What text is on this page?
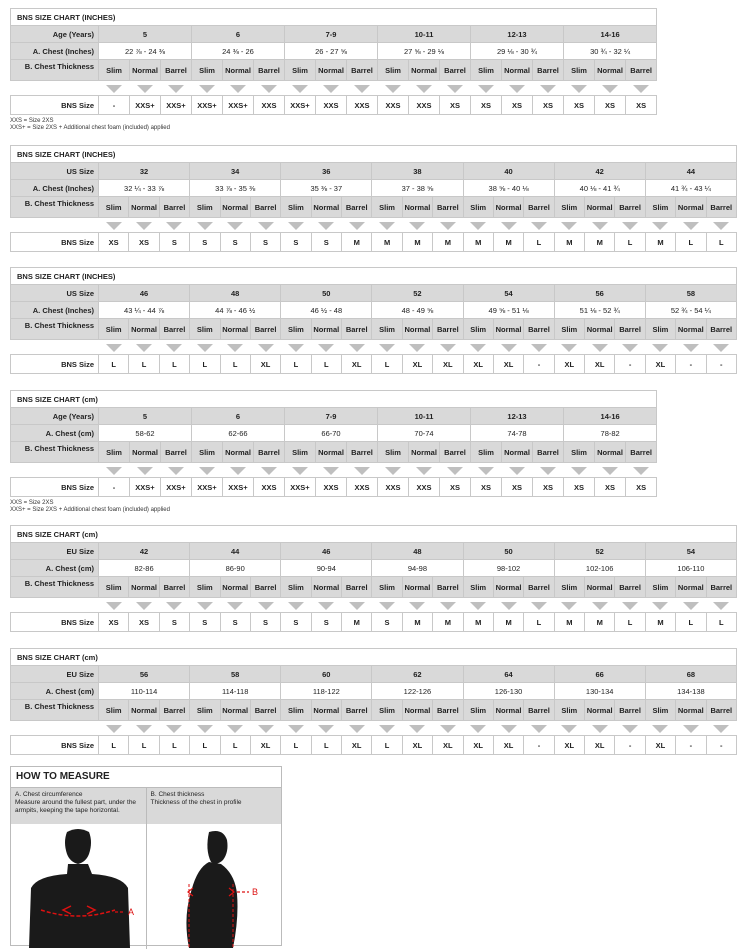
BNS SIZE CHART (INCHES)																		
Age (Years)	5			6			7-9			10-11			12-13			14-16		
A. Chest (Inches)	22 ⅞ - 24 ⅜			24 ⅜ - 26			26 - 27 ⅝			27 ⅝ - 29 ⅛			29 ⅛ - 30 ¾			30 ¾ - 32 ¼		
B. Chest Thickness	Slim	Normal	Barrel	Slim	Normal	Barrel	Slim	Normal	Barrel	Slim	Normal	Barrel	Slim	Normal	Barrel	Slim	Normal	Barrel

BNS Size	-	XXS+	XXS+	XXS+	XXS+	XXS	XXS+	XXS	XXS	XXS	XXS	XS	XS	XS	XS	XS	XS	XS
XXS = Size 2XS
XXS+ = Size 2XS + Additional chest foam (included) applied
BNS SIZE CHART (INCHES)																					
US Size	32			34			36			38			40			42			44		
A. Chest (Inches)	32 ¼ - 33 ⅞			33 ⅞ - 35 ⅜			35 ⅜ - 37			37 - 38 ⅝			38 ⅝ - 40 ⅛			40 ⅛ - 41 ¾			41 ¾ - 43 ¼		
B. Chest Thickness	Slim	Normal	Barrel	Slim	Normal	Barrel	Slim	Normal	Barrel	Slim	Normal	Barrel	Slim	Normal	Barrel	Slim	Normal	Barrel	Slim	Normal	Barrel

BNS Size	XS	XS	S	S	S	S	S	S	M	M	M	M	M	M	L	M	M	L	M	L	L
BNS SIZE CHART (INCHES)																					
US Size	46			48			50			52			54			56			58		
A. Chest (Inches)	43 ¼ - 44 ⅞			44 ⅞ - 46 ½			46 ½ - 48			48 - 49 ⅝			49 ⅝ - 51 ⅛			51 ⅛ - 52 ¾			52 ¾ - 54 ¼		
B. Chest Thickness	Slim	Normal	Barrel	Slim	Normal	Barrel	Slim	Normal	Barrel	Slim	Normal	Barrel	Slim	Normal	Barrel	Slim	Normal	Barrel	Slim	Normal	Barrel

BNS Size	L	L	L	L	L	XL	L	L	XL	L	XL	XL	XL	XL	-	XL	XL	-	XL	-	-
BNS SIZE CHART (cm)																		
Age (Years)	5			6			7-9			10-11			12-13			14-16		
A. Chest (cm)	58-62			62-66			66-70			70-74			74-78			78-82		
B. Chest Thickness	Slim	Normal	Barrel	Slim	Normal	Barrel	Slim	Normal	Barrel	Slim	Normal	Barrel	Slim	Normal	Barrel	Slim	Normal	Barrel

BNS Size	-	XXS+	XXS+	XXS+	XXS+	XXS	XXS+	XXS	XXS	XXS	XXS	XS	XS	XS	XS	XS	XS	XS
XXS = Size 2XS
XXS+ = Size 2XS + Additional chest foam (included) applied
BNS SIZE CHART (cm)																					
EU Size	42			44			46			48			50			52			54		
A. Chest (cm)	82-86			86-90			90-94			94-98			98-102			102-106			106-110		
B. Chest Thickness	Slim	Normal	Barrel	Slim	Normal	Barrel	Slim	Normal	Barrel	Slim	Normal	Barrel	Slim	Normal	Barrel	Slim	Normal	Barrel	Slim	Normal	Barrel

BNS Size	XS	XS	S	S	S	S	S	S	M	S	M	M	M	M	L	M	M	L	M	L	L
BNS SIZE CHART (cm)																					
EU Size	56			58			60			62			64			66			68		
A. Chest (cm)	110-114			114-118			118-122			122-126			126-130			130-134			134-138		
B. Chest Thickness	Slim	Normal	Barrel	Slim	Normal	Barrel	Slim	Normal	Barrel	Slim	Normal	Barrel	Slim	Normal	Barrel	Slim	Normal	Barrel	Slim	Normal	Barrel

BNS Size	L	L	L	L	L	XL	L	L	XL	L	XL	XL	XL	XL	-	XL	XL	-	XL	-	-
HOW TO MEASURE
A. Chest circumference
Measure around the fullest part, under the armpits, keeping the tape horizontal.
A
B. Chest thickness
Thickness of the chest in profile
B
